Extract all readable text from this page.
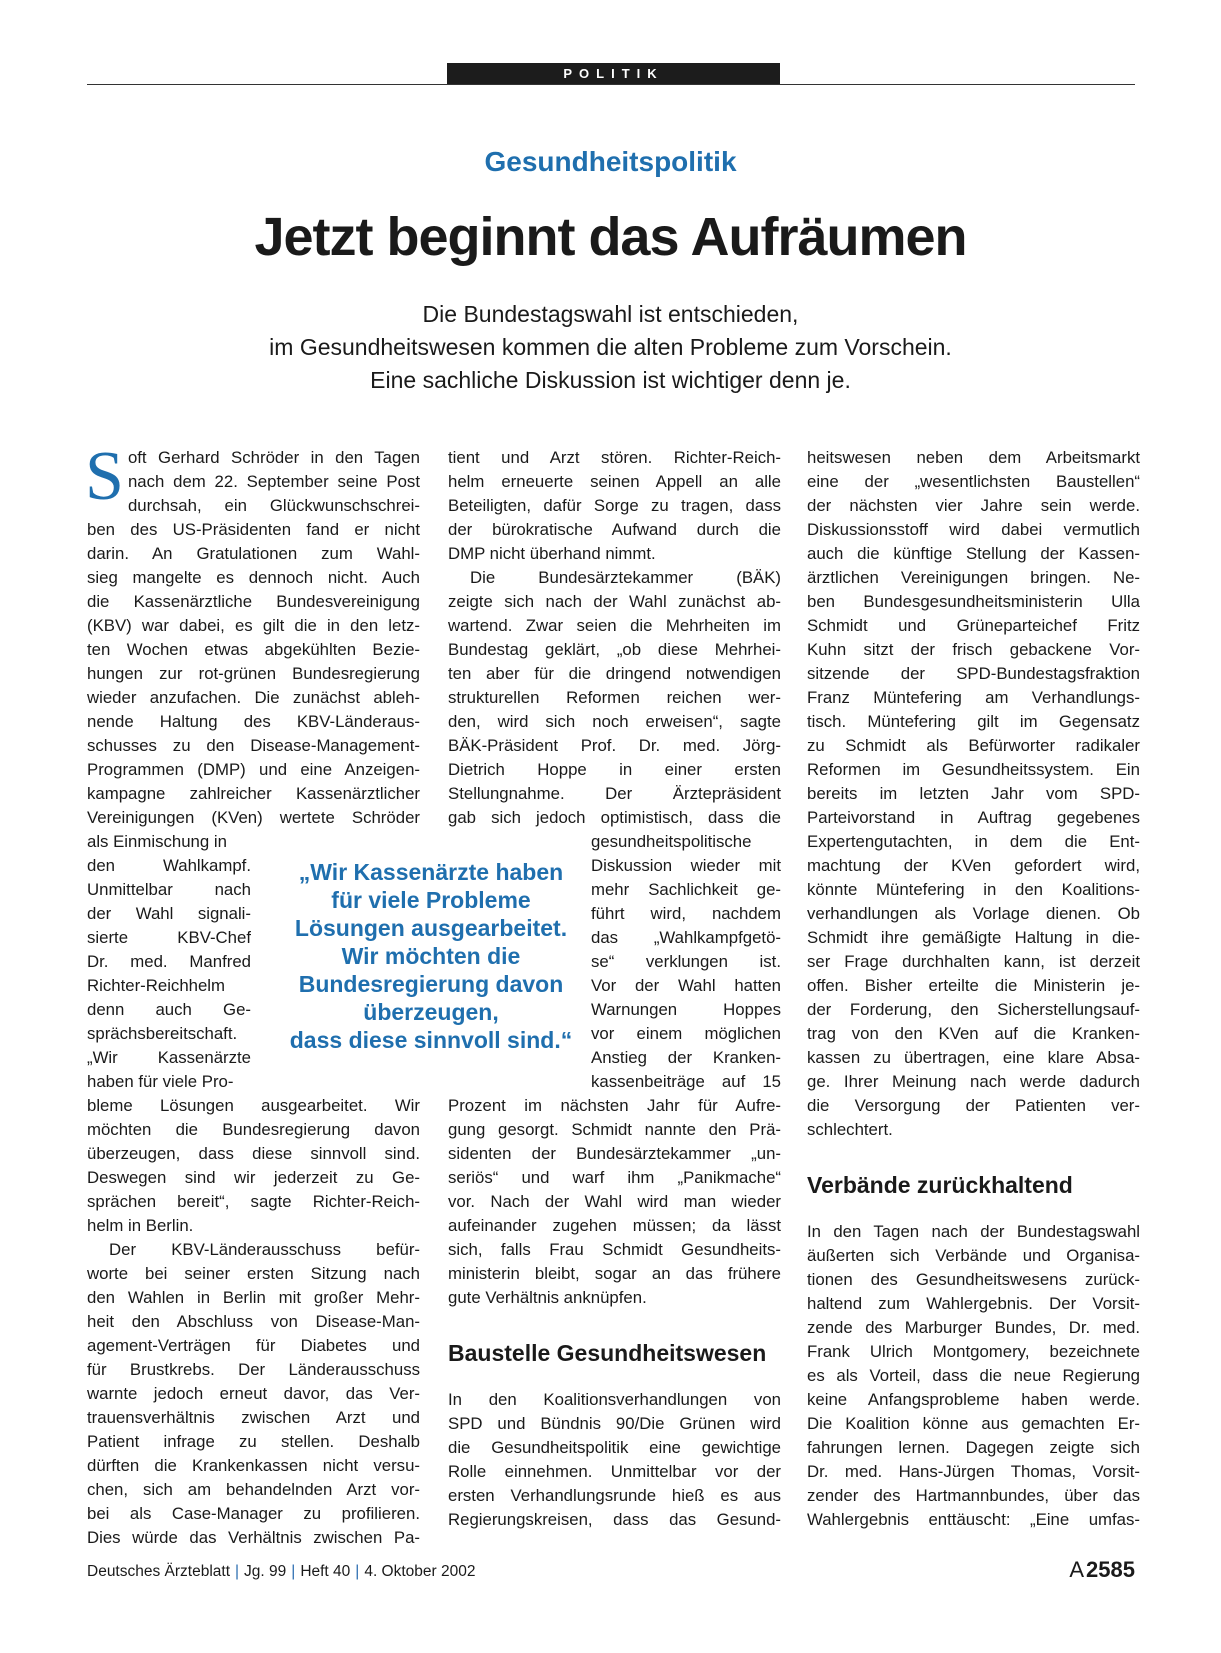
POLITIK
Gesundheitspolitik
Jetzt beginnt das Aufräumen
Die Bundestagswahl ist entschieden,
im Gesundheitswesen kommen die alten Probleme zum Vorschein.
Eine sachliche Diskussion ist wichtiger denn je.
S oft Gerhard Schröder in den Tagen
nach dem 22. September seine Post
durchsah, ein Glückwunschschrei-
ben des US-Präsidenten fand er nicht
darin. An Gratulationen zum Wahl-
sieg mangelte es dennoch nicht. Auch
die Kassenärztliche Bundesvereinigung
(KBV) war dabei, es gilt die in den letz-
ten Wochen etwas abgekühlten Bezie-
hungen zur rot-grünen Bundesregierung
wieder anzufachen. Die zunächst ableh-
nende Haltung des KBV-Länderaus-
schusses zu den Disease-Management-
Programmen (DMP) und eine Anzeigen-
kampagne zahlreicher Kassenärztlicher
Vereinigungen (KVen) wertete Schröder
als Einmischung in
den Wahlkampf.
Unmittelbar nach
der Wahl signali-
sierte KBV-Chef
Dr. med. Manfred
Richter-Reichhelm
denn auch Ge-
sprächsbereitschaft.
„Wir Kassenärzte
haben für viele Pro-
bleme Lösungen ausgearbeitet. Wir
möchten die Bundesregierung davon
überzeugen, dass diese sinnvoll sind.
Deswegen sind wir jederzeit zu Ge-
sprächen bereit“, sagte Richter-Reich-
helm in Berlin.
Der KBV-Länderausschuss befür-
worte bei seiner ersten Sitzung nach
den Wahlen in Berlin mit großer Mehr-
heit den Abschluss von Disease-Man-
agement-Verträgen für Diabetes und
für Brustkrebs. Der Länderausschuss
warnte jedoch erneut davor, das Ver-
trauensverhältnis zwischen Arzt und
Patient infrage zu stellen. Deshalb
dürften die Krankenkassen nicht versu-
chen, sich am behandelnden Arzt vor-
bei als Case-Manager zu profilieren.
Dies würde das Verhältnis zwischen Pa-
tient und Arzt stören. Richter-Reich-
helm erneuerte seinen Appell an alle
Beteiligten, dafür Sorge zu tragen, dass
der bürokratische Aufwand durch die
DMP nicht überhand nimmt.
Die Bundesärztekammer (BÄK)
zeigte sich nach der Wahl zunächst ab-
wartend. Zwar seien die Mehrheiten im
Bundestag geklärt, „ob diese Mehrhei-
ten aber für die dringend notwendigen
strukturellen Reformen reichen wer-
den, wird sich noch erweisen“, sagte
BÄK-Präsident Prof. Dr. med. Jörg-
Dietrich Hoppe in einer ersten
Stellungnahme. Der Ärztepräsident
gab sich jedoch optimistisch, dass die
gesundheitspolitische
Diskussion wieder mit
mehr Sachlichkeit ge-
führt wird, nachdem
das „Wahlkampfgetö-
se“ verklungen ist.
Vor der Wahl hatten
Warnungen Hoppes
vor einem möglichen
Anstieg der Kranken-
kassenbeiträge auf 15
Prozent im nächsten Jahr für Aufre-
gung gesorgt. Schmidt nannte den Prä-
sidenten der Bundesärztekammer „un-
seriös“ und warf ihm „Panikmache“
vor. Nach der Wahl wird man wieder
aufeinander zugehen müssen; da lässt
sich, falls Frau Schmidt Gesundheits-
ministerin bleibt, sogar an das frühere
gute Verhältnis anknüpfen.
Baustelle Gesundheitswesen
In den Koalitionsverhandlungen von
SPD und Bündnis 90/Die Grünen wird
die Gesundheitspolitik eine gewichtige
Rolle einnehmen. Unmittelbar vor der
ersten Verhandlungsrunde hieß es aus
Regierungskreisen, dass das Gesund-
heitswesen neben dem Arbeitsmarkt
eine der „wesentlichsten Baustellen“
der nächsten vier Jahre sein werde.
Diskussionsstoff wird dabei vermutlich
auch die künftige Stellung der Kassen-
ärztlichen Vereinigungen bringen. Ne-
ben Bundesgesundheitsministerin Ulla
Schmidt und Grüneparteichef Fritz
Kuhn sitzt der frisch gebackene Vor-
sitzende der SPD-Bundestagsfraktion
Franz Müntefering am Verhandlungs-
tisch. Müntefering gilt im Gegensatz
zu Schmidt als Befürworter radikaler
Reformen im Gesundheitssystem. Ein
bereits im letzten Jahr vom SPD-
Parteivorstand in Auftrag gegebenes
Expertengutachten, in dem die Ent-
machtung der KVen gefordert wird,
könnte Müntefering in den Koalitions-
verhandlungen als Vorlage dienen. Ob
Schmidt ihre gemäßigte Haltung in die-
ser Frage durchhalten kann, ist derzeit
offen. Bisher erteilte die Ministerin je-
der Forderung, den Sicherstellungsauf-
trag von den KVen auf die Kranken-
kassen zu übertragen, eine klare Absa-
ge. Ihrer Meinung nach werde dadurch
die Versorgung der Patienten ver-
schlechtert.
Verbände zurückhaltend
In den Tagen nach der Bundestagswahl
äußerten sich Verbände und Organisa-
tionen des Gesundheitswesens zurück-
haltend zum Wahlergebnis. Der Vorsit-
zende des Marburger Bundes, Dr. med.
Frank Ulrich Montgomery, bezeichnete
es als Vorteil, dass die neue Regierung
keine Anfangsprobleme haben werde.
Die Koalition könne aus gemachten Er-
fahrungen lernen. Dagegen zeigte sich
Dr. med. Hans-Jürgen Thomas, Vorsit-
zender des Hartmannbundes, über das
Wahlergebnis enttäuscht: „Eine umfas-
„Wir Kassenärzte haben
für viele Probleme
Lösungen ausgearbeitet.
Wir möchten die
Bundesregierung davon
überzeugen,
dass diese sinnvoll sind.“
Deutsches Ärzteblatt | Jg. 99 | Heft 40 | 4. Oktober 2002	A2585
